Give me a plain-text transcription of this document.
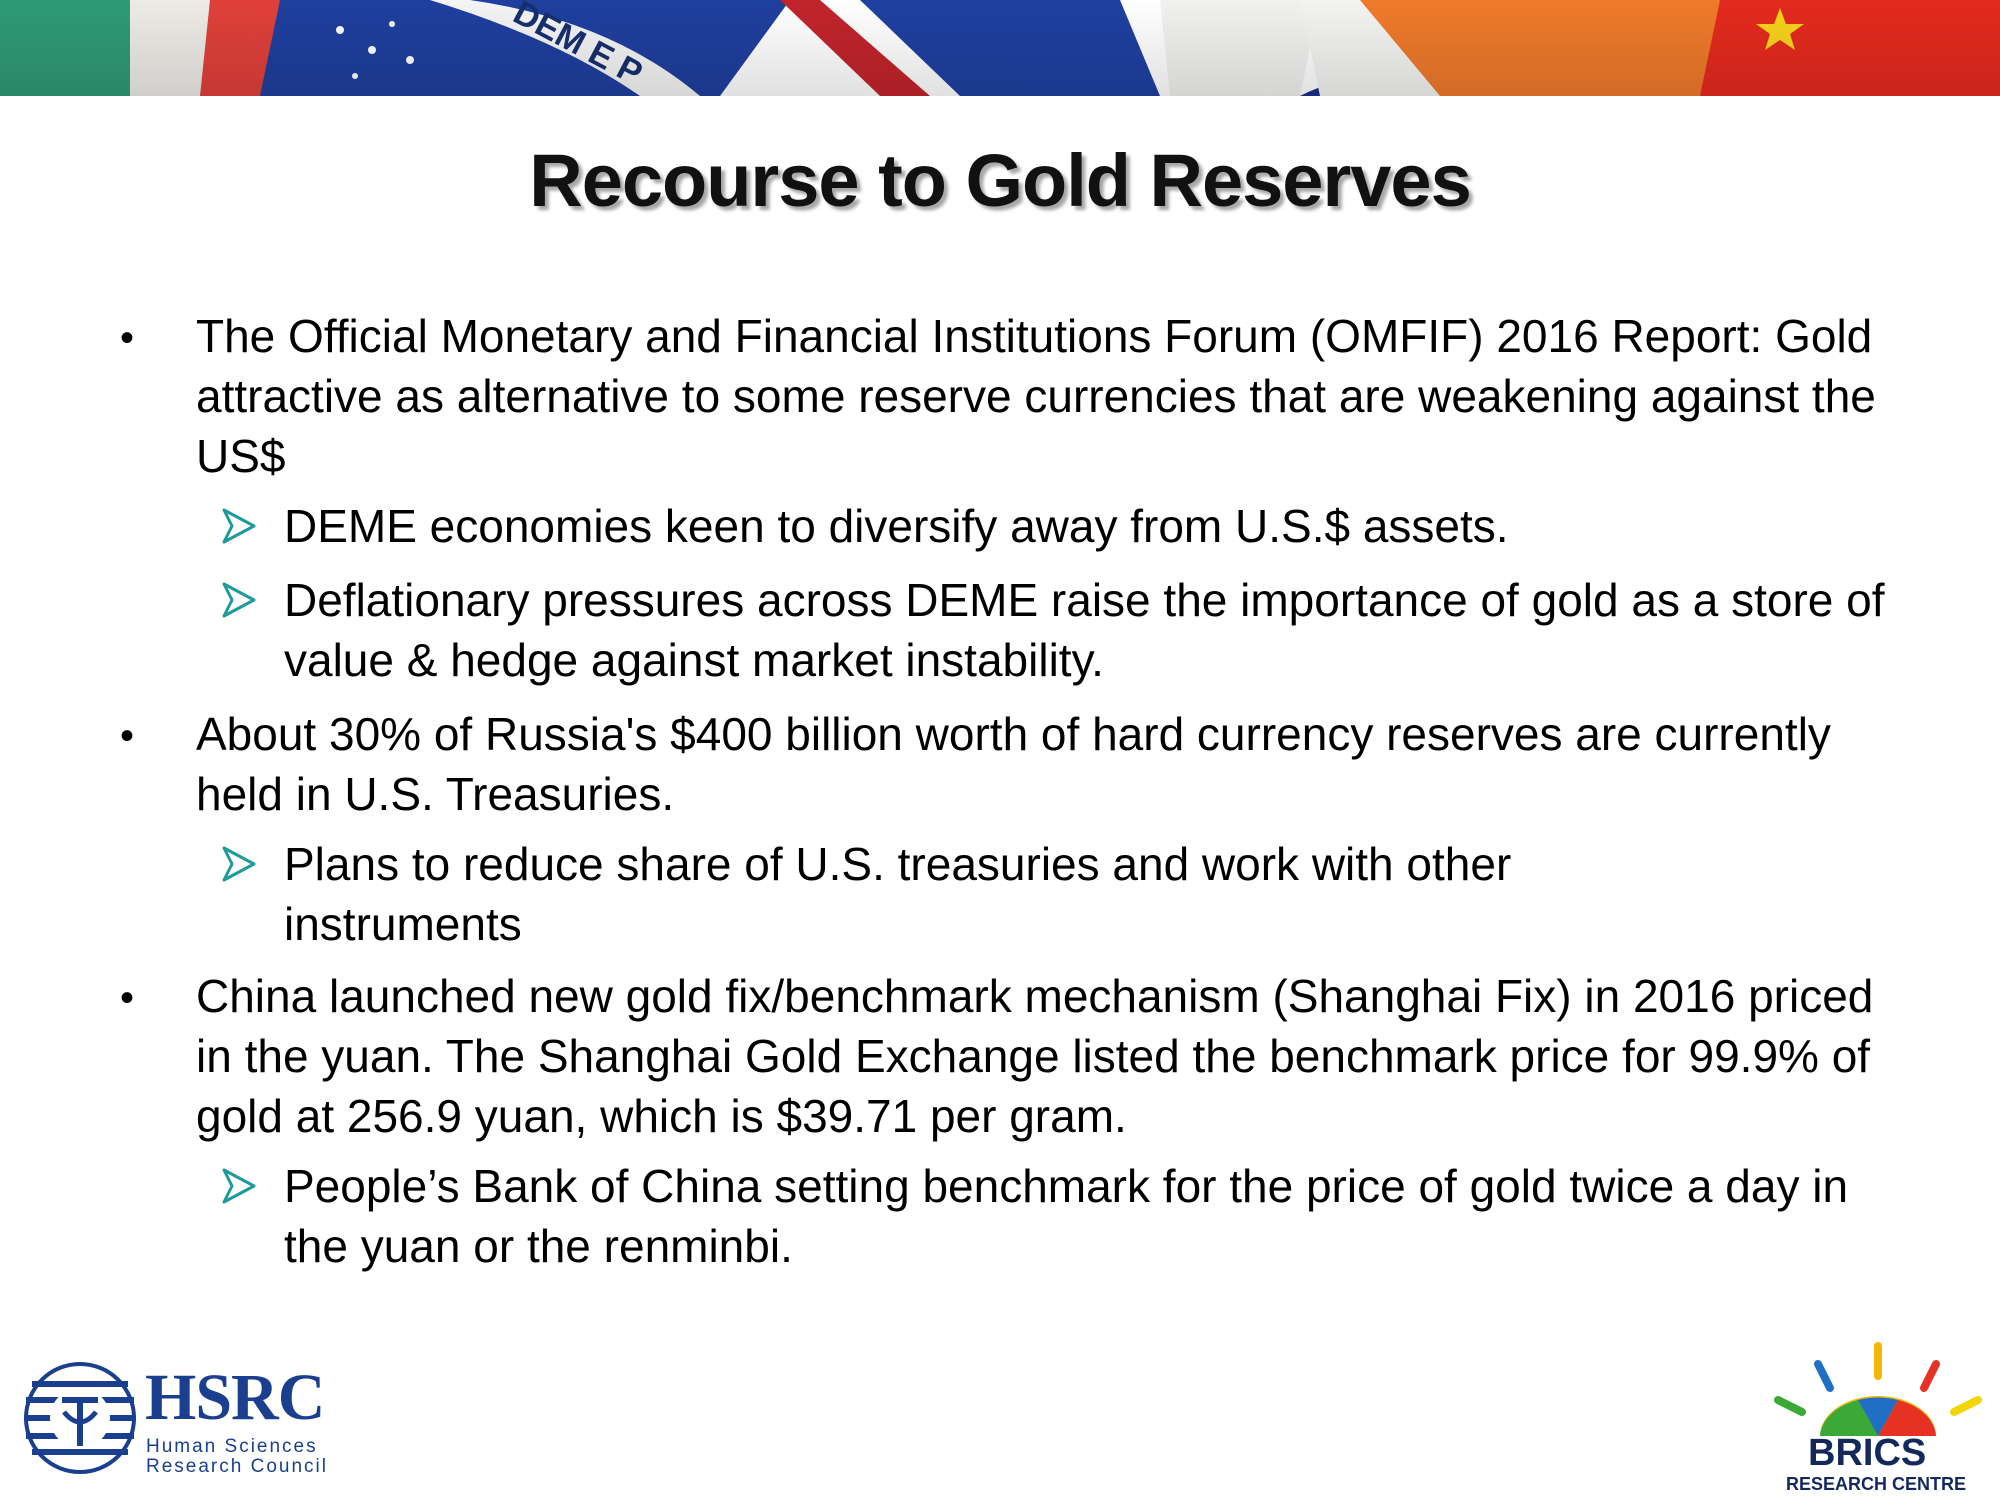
Recourse to Gold Reserves
• The Official Monetary and Financial Institutions Forum (OMFIF) 2016 Report: Gold attractive as alternative to some reserve currencies that are weakening against the US$
DEME economies keen to diversify away from U.S.$ assets.
Deflationary pressures across DEME raise the importance of gold as a store of value & hedge against market instability.
• About 30% of Russia's $400 billion worth of hard currency reserves are currently held in U.S. Treasuries.
Plans to reduce share of U.S. treasuries and work with other instruments
• China launched new gold fix/benchmark mechanism (Shanghai Fix) in 2016 priced in the yuan. The Shanghai Gold Exchange listed the benchmark price for 99.9% of gold at 256.9 yuan, which is $39.71 per gram.
People’s Bank of China setting benchmark for the price of gold twice a day in the yuan or the renminbi.
HSRC
Human Sciences
Research Council	BRICS
RESEARCH CENTRE
